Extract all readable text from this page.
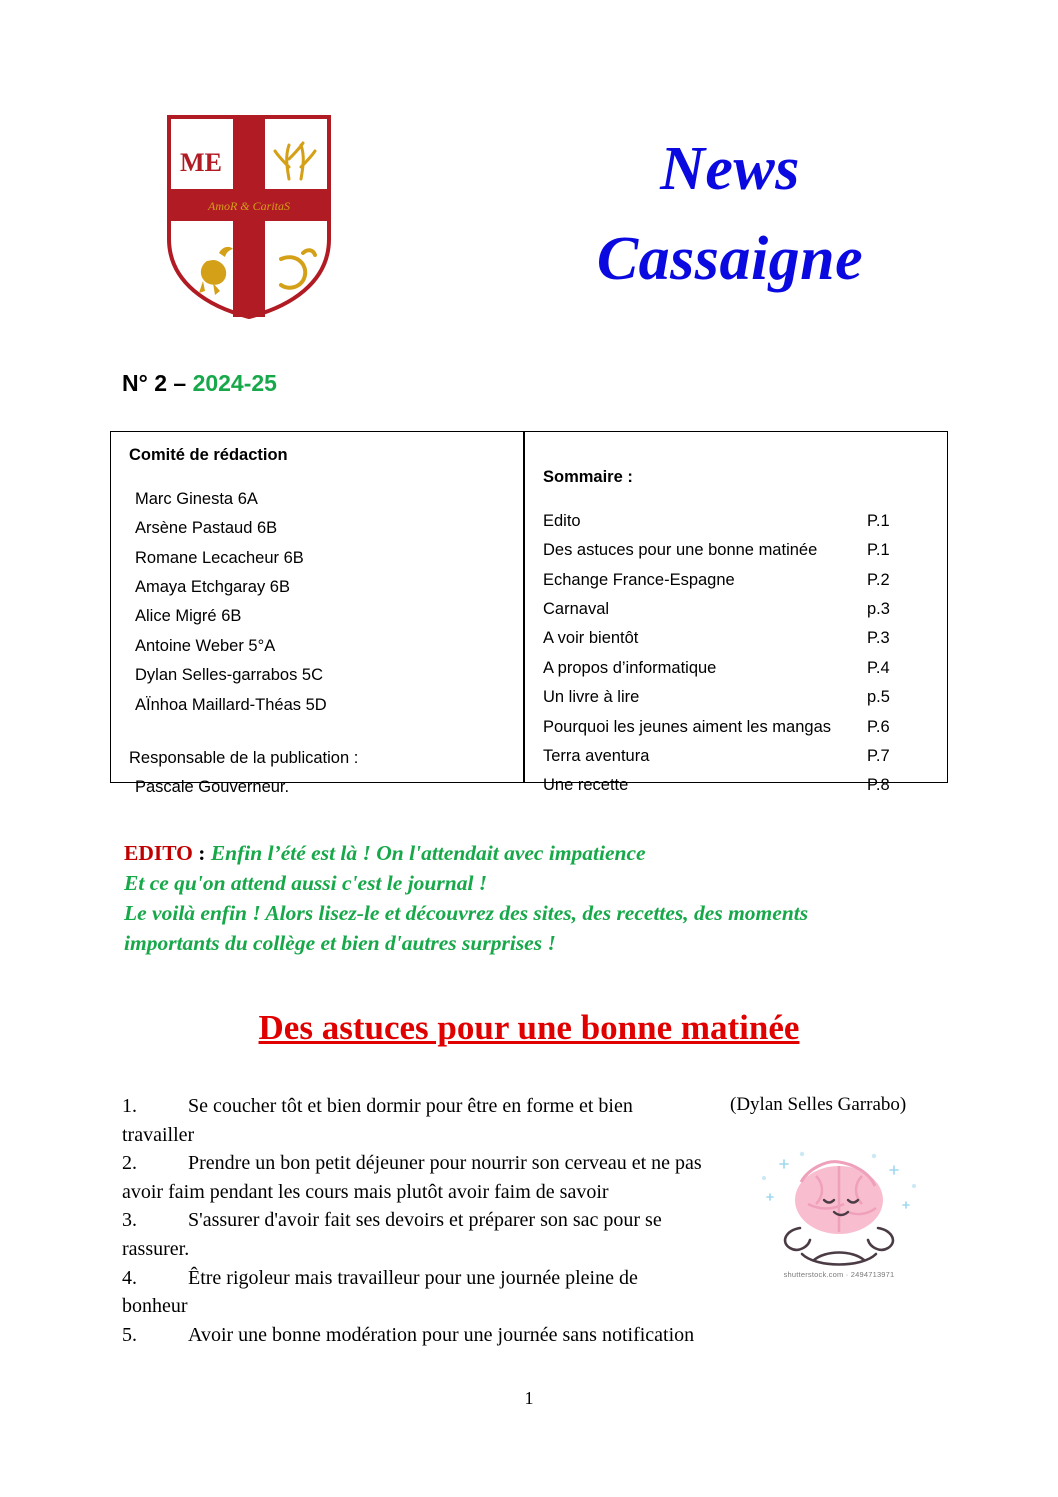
ME
AmoR & CaritaS
News
Cassaigne
N° 2 – 2024-25
Comité de rédaction
Marc Ginesta 6A
Arsène Pastaud 6B
Romane Lecacheur 6B
Amaya Etchgaray 6B
Alice Migré 6B
Antoine Weber 5°A
Dylan Selles-garrabos 5C
AÏnhoa Maillard-Théas 5D
Responsable de la publication :
Pascale Gouverneur.
Sommaire :
Edito	P.1
Des astuces pour une bonne matinée	P.1
Echange France-Espagne	P.2
Carnaval	p.3
A voir bientôt	P.3
A propos d’informatique	P.4
Un livre à lire	p.5
Pourquoi les jeunes aiment les mangas	P.6
Terra aventura	P.7
Une recette	P.8
EDITO : Enfin l’été est là ! On l'attendait avec impatience
Et ce qu'on attend aussi c'est le journal !
Le voilà enfin ! Alors lisez-le et découvrez des sites, des recettes, des moments
importants du collège et bien d'autres surprises !
Des astuces pour une bonne matinée

1.	Se coucher tôt et bien dormir pour être en forme et bien travailler

2.	Prendre un bon petit déjeuner pour nourrir son cerveau et ne pas avoir faim pendant les cours mais plutôt avoir faim de savoir

3.	S'assurer d'avoir fait ses devoirs et préparer son sac pour se rassurer.

4.	Être rigoleur mais travailleur pour une journée pleine de bonheur

5.	Avoir une bonne modération pour une journée sans notification

(Dylan Selles Garrabo)
shutterstock.com · 2494713971
1
